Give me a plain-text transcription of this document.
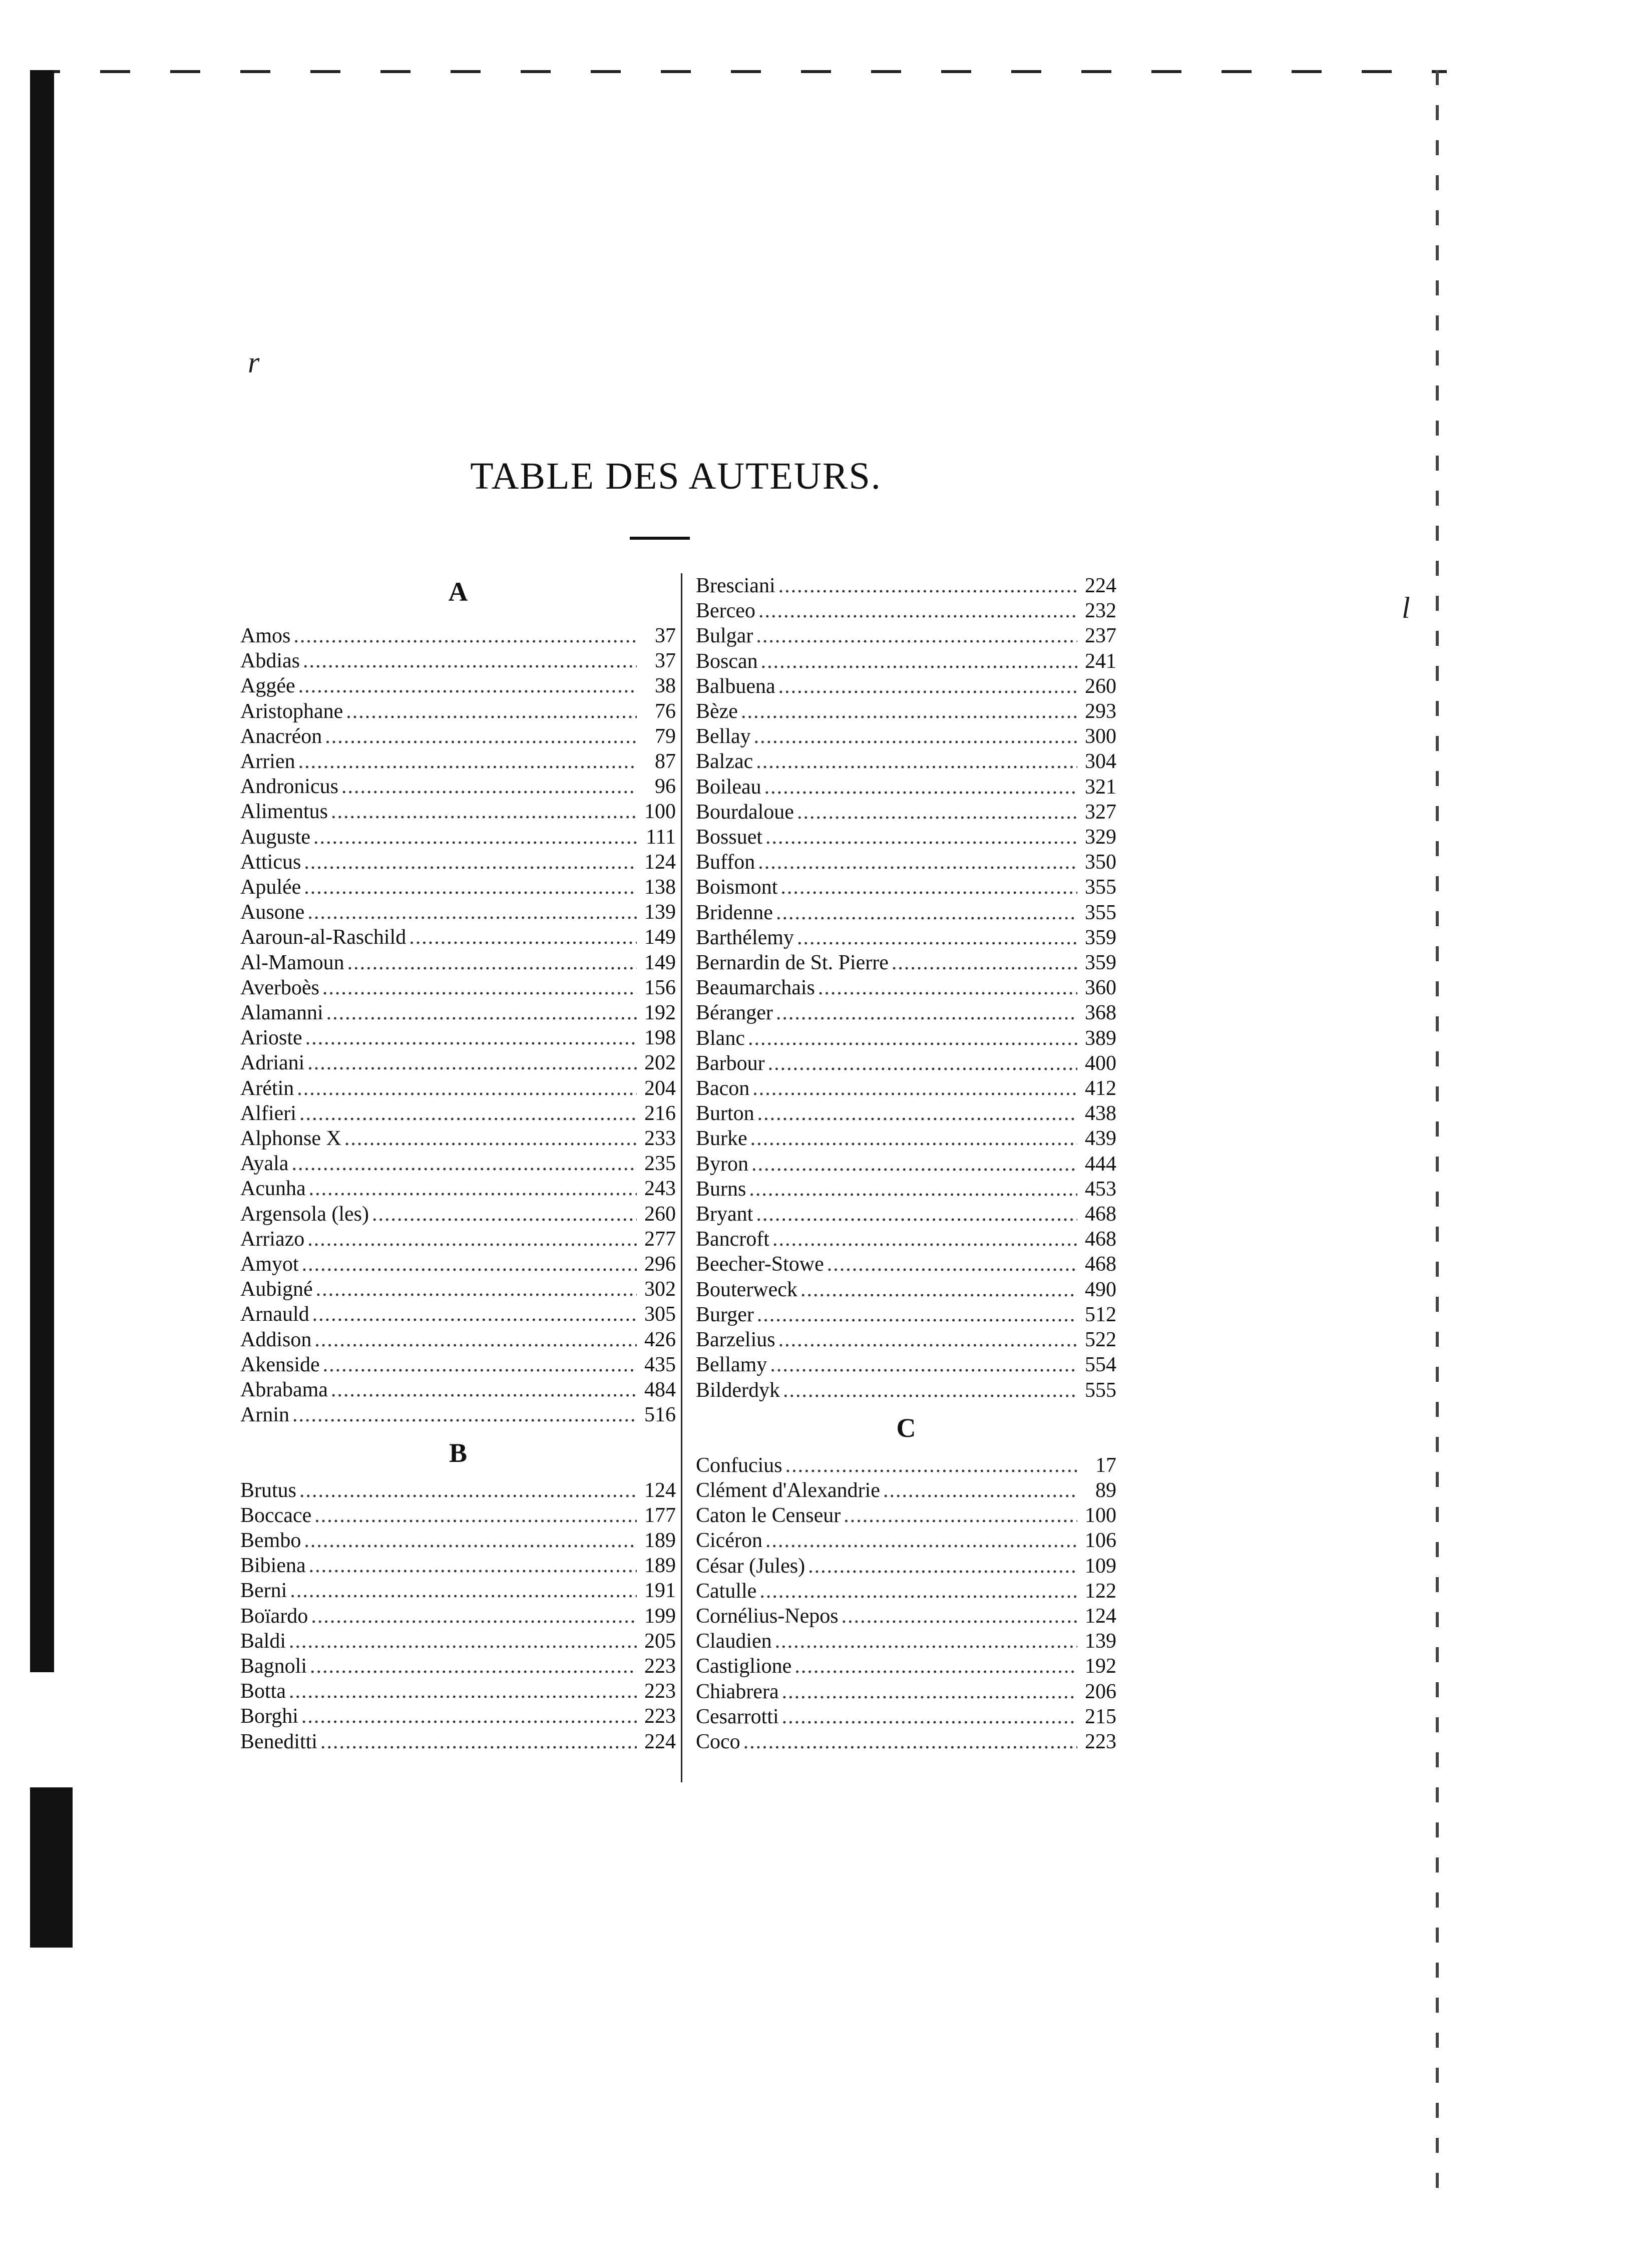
r
l
TABLE DES AUTEURS.
A
Amos .....	37
Abdias .....	37
Aggée .....	38
Aristophane .....	76
Anacréon .....	79
Arrien .....	87
Andronicus .....	96
Alimentus .....	100
Auguste .....	111
Atticus .....	124
Apulée .....	138
Ausone .....	139
Aaroun-al-Raschild .....	149
Al-Mamoun .....	149
Averboès .....	156
Alamanni .....	192
Arioste .....	198
Adriani .....	202
Arétin .....	204
Alfieri .....	216
Alphonse X .....	233
Ayala .....	235
Acunha .....	243
Argensola (les) .....	260
Arriazo .....	277
Amyot .....	296
Aubigné .....	302
Arnauld .....	305
Addison .....	426
Akenside .....	435
Abrabama .....	484
Arnin .....	516
B
Brutus .....	124
Boccace .....	177
Bembo .....	189
Bibiena .....	189
Berni .....	191
Boïardo .....	199
Baldi .....	205
Bagnoli .....	223
Botta .....	223
Borghi .....	223
Beneditti .....	224
Bresciani .....	224
Berceo .....	232
Bulgar .....	237
Boscan .....	241
Balbuena .....	260
Bèze .....	293
Bellay .....	300
Balzac .....	304
Boileau .....	321
Bourdaloue .....	327
Bossuet .....	329
Buffon .....	350
Boismont .....	355
Bridenne .....	355
Barthélemy .....	359
Bernardin de St. Pierre .....	359
Beaumarchais .....	360
Béranger .....	368
Blanc .....	389
Barbour .....	400
Bacon .....	412
Burton .....	438
Burke .....	439
Byron .....	444
Burns .....	453
Bryant .....	468
Bancroft .....	468
Beecher-Stowe .....	468
Bouterweck .....	490
Burger .....	512
Barzelius .....	522
Bellamy .....	554
Bilderdyk .....	555
C
Confucius .....	17
Clément d'Alexandrie .....	89
Caton le Censeur .....	100
Cicéron .....	106
César (Jules) .....	109
Catulle .....	122
Cornélius-Nepos .....	124
Claudien .....	139
Castiglione .....	192
Chiabrera .....	206
Cesarrotti .....	215
Coco .....	223
